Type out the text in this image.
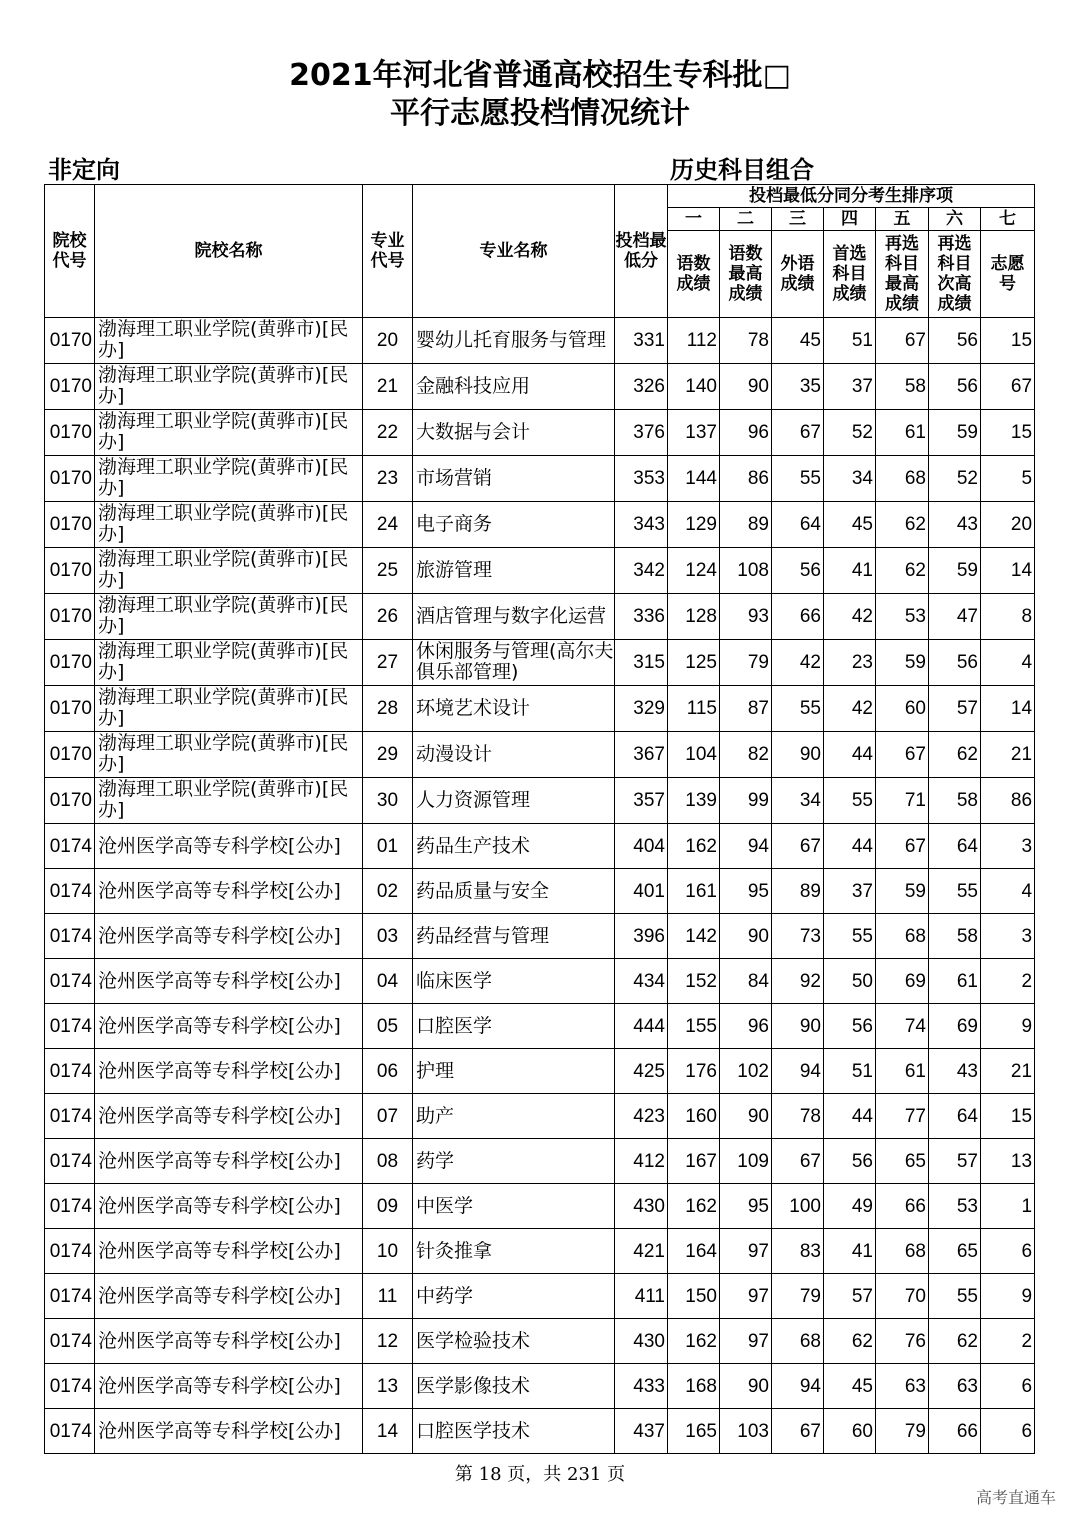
2021年河北省普通高校招生专科批□
平行志愿投档情况统计
非定向	历史科目组合
院校代号	院校名称	专业代号	专业名称	投档最低分	投档最低分同分考生排序项						
					一	二	三	四	五	六	七
					语数成绩	语数最高成绩	外语成绩	首选科目成绩	再选科目最高成绩	再选科目次高成绩	志愿号
0170	渤海理工职业学院(黄骅市)[民办]	20	婴幼儿托育服务与管理	331	112	78	45	51	67	56	15
0170	渤海理工职业学院(黄骅市)[民办]	21	金融科技应用	326	140	90	35	37	58	56	67
0170	渤海理工职业学院(黄骅市)[民办]	22	大数据与会计	376	137	96	67	52	61	59	15
0170	渤海理工职业学院(黄骅市)[民办]	23	市场营销	353	144	86	55	34	68	52	5
0170	渤海理工职业学院(黄骅市)[民办]	24	电子商务	343	129	89	64	45	62	43	20
0170	渤海理工职业学院(黄骅市)[民办]	25	旅游管理	342	124	108	56	41	62	59	14
0170	渤海理工职业学院(黄骅市)[民办]	26	酒店管理与数字化运营	336	128	93	66	42	53	47	8
0170	渤海理工职业学院(黄骅市)[民办]	27	休闲服务与管理(高尔夫俱乐部管理)	315	125	79	42	23	59	56	4
0170	渤海理工职业学院(黄骅市)[民办]	28	环境艺术设计	329	115	87	55	42	60	57	14
0170	渤海理工职业学院(黄骅市)[民办]	29	动漫设计	367	104	82	90	44	67	62	21
0170	渤海理工职业学院(黄骅市)[民办]	30	人力资源管理	357	139	99	34	55	71	58	86
0174	沧州医学高等专科学校[公办]	01	药品生产技术	404	162	94	67	44	67	64	3
0174	沧州医学高等专科学校[公办]	02	药品质量与安全	401	161	95	89	37	59	55	4
0174	沧州医学高等专科学校[公办]	03	药品经营与管理	396	142	90	73	55	68	58	3
0174	沧州医学高等专科学校[公办]	04	临床医学	434	152	84	92	50	69	61	2
0174	沧州医学高等专科学校[公办]	05	口腔医学	444	155	96	90	56	74	69	9
0174	沧州医学高等专科学校[公办]	06	护理	425	176	102	94	51	61	43	21
0174	沧州医学高等专科学校[公办]	07	助产	423	160	90	78	44	77	64	15
0174	沧州医学高等专科学校[公办]	08	药学	412	167	109	67	56	65	57	13
0174	沧州医学高等专科学校[公办]	09	中医学	430	162	95	100	49	66	53	1
0174	沧州医学高等专科学校[公办]	10	针灸推拿	421	164	97	83	41	68	65	6
0174	沧州医学高等专科学校[公办]	11	中药学	411	150	97	79	57	70	55	9
0174	沧州医学高等专科学校[公办]	12	医学检验技术	430	162	97	68	62	76	62	2
0174	沧州医学高等专科学校[公办]	13	医学影像技术	433	168	90	94	45	63	63	6
0174	沧州医学高等专科学校[公办]	14	口腔医学技术	437	165	103	67	60	79	66	6
第 18 页，共 231 页
高考直通车
